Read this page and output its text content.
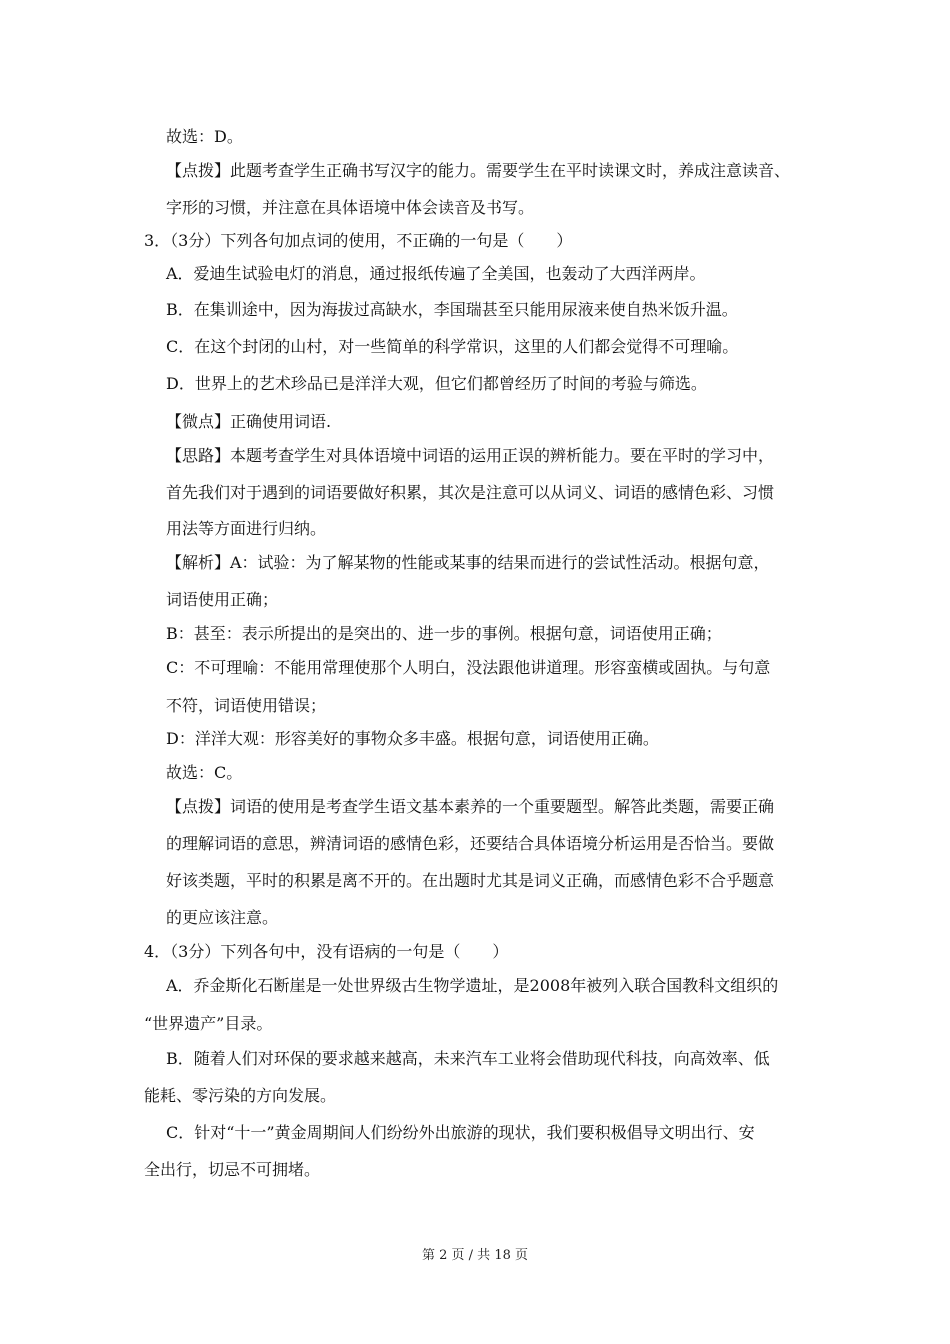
故选：D。
【点拨】此题考查学生正确书写汉字的能力。需要学生在平时读课文时，养成注意读音、
字形的习惯，并注意在具体语境中体会读音及书写。
3．（3分）下列各句加点词的使用，不正确的一句是（　　）
A．爱迪生试验电灯的消息，通过报纸传遍了全美国，也轰动了大西洋两岸。
B．在集训途中，因为海拔过高缺水，李国瑞甚至只能用尿液来使自热米饭升温。
C．在这个封闭的山村，对一些简单的科学常识，这里的人们都会觉得不可理喻。
D．世界上的艺术珍品已是洋洋大观，但它们都曾经历了时间的考验与筛选。
【微点】正确使用词语.
【思路】本题考查学生对具体语境中词语的运用正误的辨析能力。要在平时的学习中，
首先我们对于遇到的词语要做好积累，其次是注意可以从词义、词语的感情色彩、习惯
用法等方面进行归纳。
【解析】A：试验：为了解某物的性能或某事的结果而进行的尝试性活动。根据句意，
词语使用正确；
B：甚至：表示所提出的是突出的、进一步的事例。根据句意，词语使用正确；
C：不可理喻：不能用常理使那个人明白，没法跟他讲道理。形容蛮横或固执。与句意
不符，词语使用错误；
D：洋洋大观：形容美好的事物众多丰盛。根据句意，词语使用正确。
故选：C。
【点拨】词语的使用是考查学生语文基本素养的一个重要题型。解答此类题，需要正确
的理解词语的意思，辨清词语的感情色彩，还要结合具体语境分析运用是否恰当。要做
好该类题，平时的积累是离不开的。在出题时尤其是词义正确，而感情色彩不合乎题意
的更应该注意。
4．（3分）下列各句中，没有语病的一句是（　　）
A．乔金斯化石断崖是一处世界级古生物学遗址，是2008年被列入联合国教科文组织的
“世界遗产”目录。
B．随着人们对环保的要求越来越高，未来汽车工业将会借助现代科技，向高效率、低
能耗、零污染的方向发展。
C．针对“十一”黄金周期间人们纷纷外出旅游的现状，我们要积极倡导文明出行、安
全出行，切忌不可拥堵。
第 2 页 / 共 18 页
